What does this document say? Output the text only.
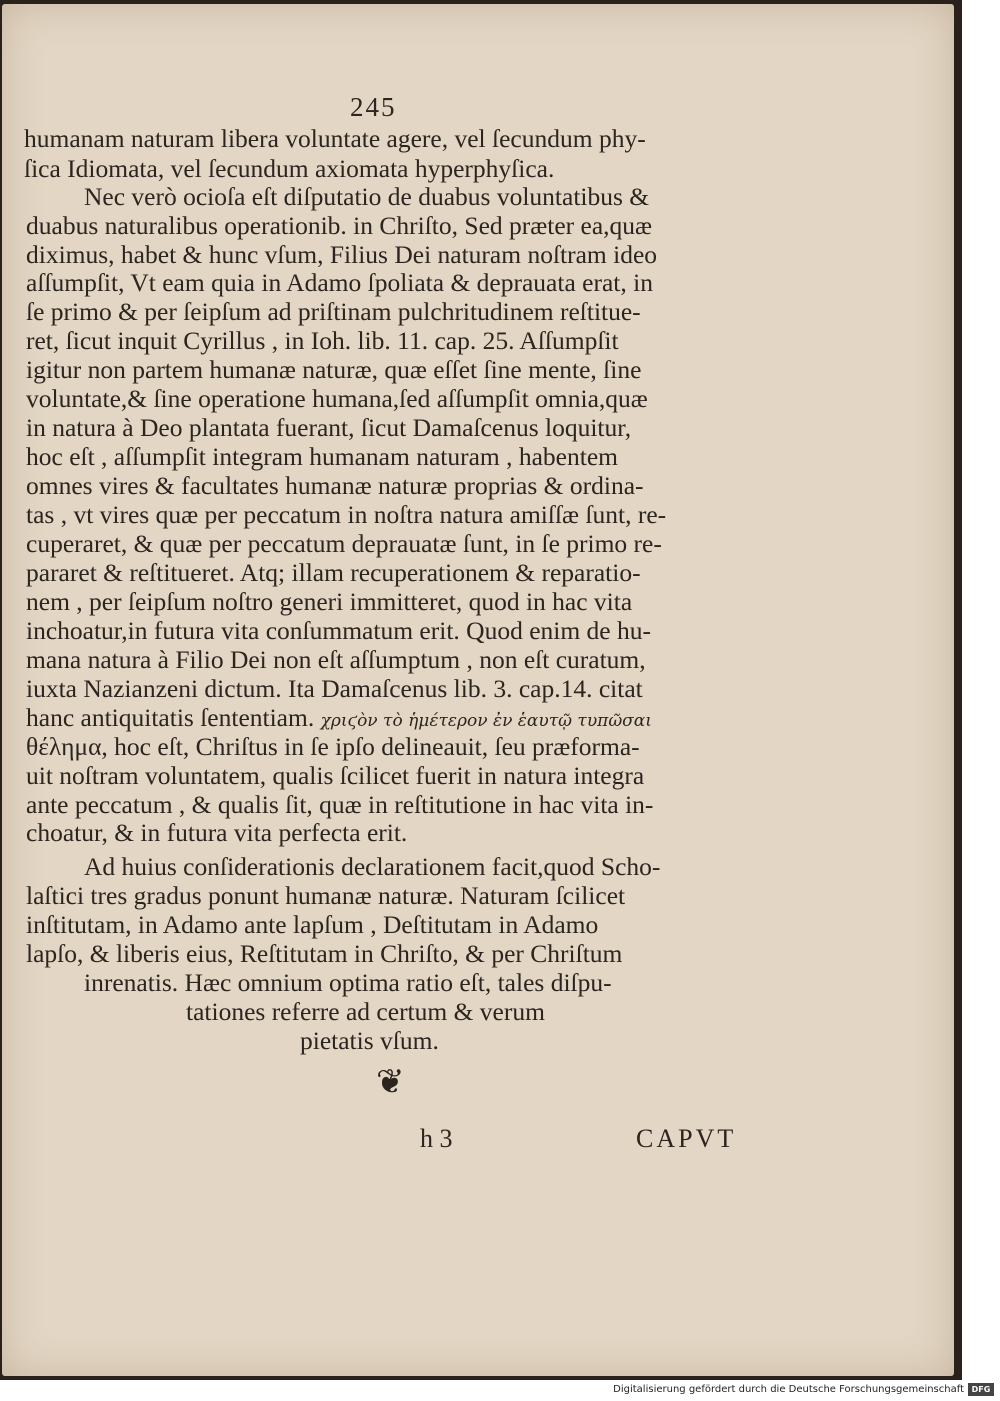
245
humanam naturam libera voluntate agere, vel ſecundum phy-
ſica Idiomata, vel ſecundum axiomata hyperphyſica.
Nec verò ocioſa eſt diſputatio de duabus voluntatibus &
duabus naturalibus operationib. in Chriſto, Sed præter ea,quæ
diximus, habet & hunc vſum, Filius Dei naturam noſtram ideo
aſſumpſit, Vt eam quia in Adamo ſpoliata & deprauata erat, in
ſe primo & per ſeipſum ad priſtinam pulchritudinem reſtitue-
ret, ſicut inquit Cyrillus , in Ioh. lib. 11. cap. 25. Aſſumpſit
igitur non partem humanæ naturæ, quæ eſſet ſine mente, ſine
voluntate,& ſine operatione humana,ſed aſſumpſit omnia,quæ
in natura à Deo plantata fuerant, ſicut Damaſcenus loquitur,
hoc eſt , aſſumpſit integram humanam naturam , habentem
omnes vires & facultates humanæ naturæ proprias & ordina-
tas , vt vires quæ per peccatum in noſtra natura amiſſæ ſunt, re-
cuperaret, & quæ per peccatum deprauatæ ſunt, in ſe primo re-
pararet & reſtitueret. Atq; illam recuperationem & reparatio-
nem , per ſeipſum noſtro generi immitteret, quod in hac vita
inchoatur,in futura vita conſummatum erit. Quod enim de hu-
mana natura à Filio Dei non eſt aſſumptum , non eſt curatum,
iuxta Nazianzeni dictum. Ita Damaſcenus lib. 3. cap.14. citat
hanc antiquitatis ſententiam. χριϛὸν τὸ ἡμέτερον ἐν ἑαυτῷ τυπῶσαι
θέλημα, hoc eſt, Chriſtus in ſe ipſo delineauit, ſeu præforma-
uit noſtram voluntatem, qualis ſcilicet fuerit in natura integra
ante peccatum , & qualis ſit, quæ in reſtitutione in hac vita in-
choatur, & in futura vita perfecta erit.
Ad huius conſiderationis declarationem facit,quod Scho-
laſtici tres gradus ponunt humanæ naturæ. Naturam ſcilicet
inſtitutam, in Adamo ante lapſum , Deſtitutam in Adamo
lapſo, & liberis eius, Reſtitutam in Chriſto, & per Chriſtum
inrenatis. Hæc omnium optima ratio eſt, tales diſpu-
tationes referre ad certum & verum
pietatis vſum.
❦
h 3	CAPVT
Digitalisierung gefördert durch die Deutsche Forschungsgemeinschaft DFG
